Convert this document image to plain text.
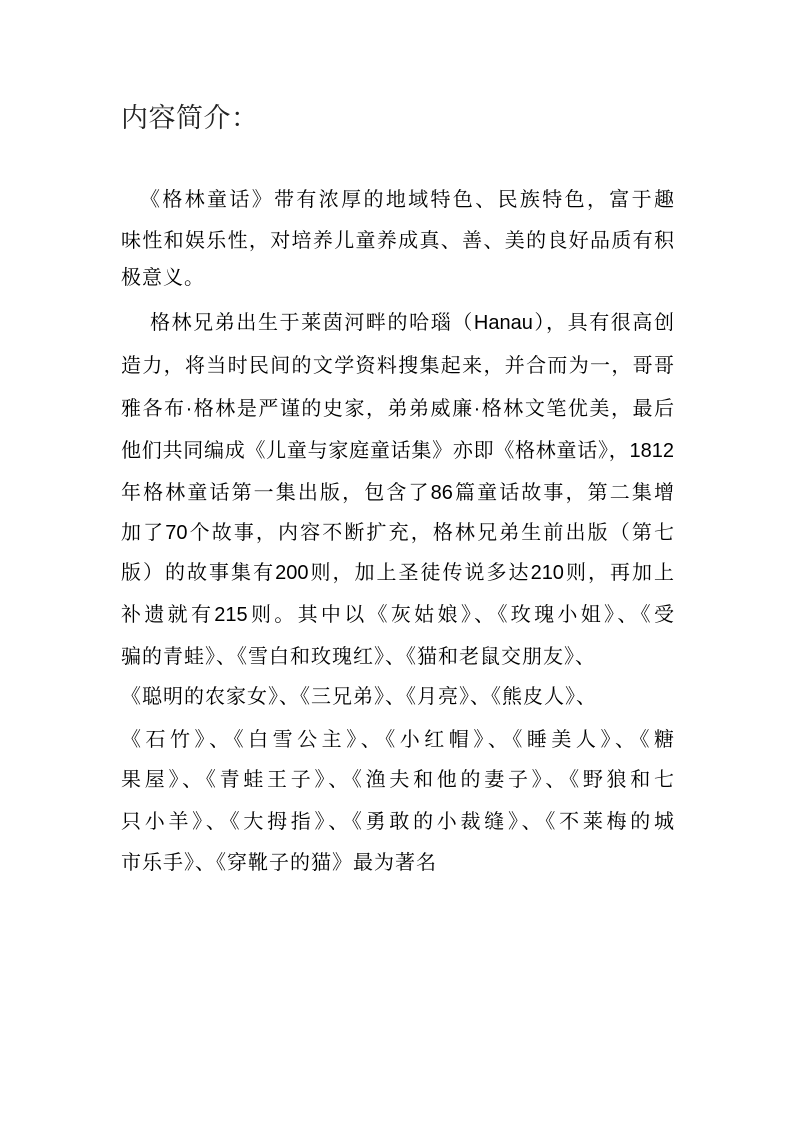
内容简介：
《格林童话》带有浓厚的地域特色、民族特色，富于趣
味性和娱乐性，对培养儿童养成真、善、美的良好品质有积
极意义。
格林兄弟出生于莱茵河畔的哈瑙（Hanau），具有很高创
造力，将当时民间的文学资料搜集起来，并合而为一，哥哥
雅各布·格林是严谨的史家，弟弟威廉·格林文笔优美，最后
他们共同编成《儿童与家庭童话集》亦即《格林童话》，1812
年格林童话第一集出版，包含了86篇童话故事，第二集增
加了70个故事，内容不断扩充，格林兄弟生前出版（第七
版）的故事集有200则，加上圣徒传说多达210则，再加上
补遗就有215则。其中以《灰姑娘》、《玫瑰小姐》、《受
骗的青蛙》、《雪白和玫瑰红》、《猫和老鼠交朋友》、
《聪明的农家女》、《三兄弟》、《月亮》、《熊皮人》、
《石竹》、《白雪公主》、《小红帽》、《睡美人》、《糖
果屋》、《青蛙王子》、《渔夫和他的妻子》、《野狼和七
只小羊》、《大拇指》、《勇敢的小裁缝》、《不莱梅的城
市乐手》、《穿靴子的猫》最为著名
